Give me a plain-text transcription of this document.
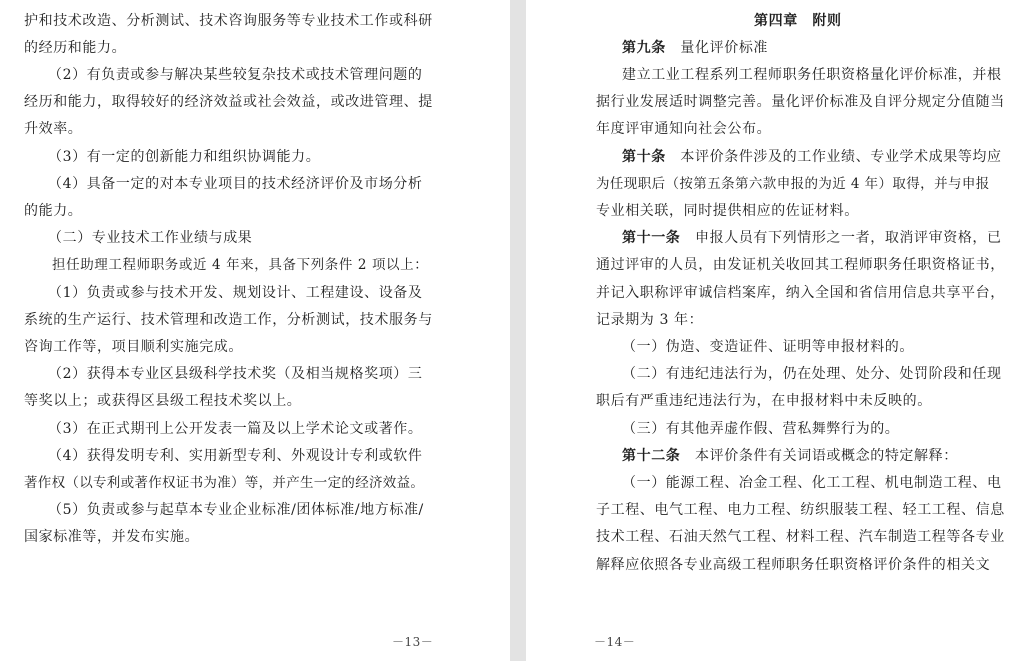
护和技术改造、分析测试、技术咨询服务等专业技术工作或科研
的经历和能力。
（2）有负责或参与解决某些较复杂技术或技术管理问题的
经历和能力，取得较好的经济效益或社会效益，或改进管理、提
升效率。
（3）有一定的创新能力和组织协调能力。
（4）具备一定的对本专业项目的技术经济评价及市场分析
的能力。
（二）专业技术工作业绩与成果
担任助理工程师职务或近 4 年来，具备下列条件 2 项以上：
（1）负责或参与技术开发、规划设计、工程建设、设备及
系统的生产运行、技术管理和改造工作，分析测试，技术服务与
咨询工作等，项目顺利实施完成。
（2）获得本专业区县级科学技术奖（及相当规格奖项）三
等奖以上；或获得区县级工程技术奖以上。
（3）在正式期刊上公开发表一篇及以上学术论文或著作。
（4）获得发明专利、实用新型专利、外观设计专利或软件
著作权（以专利或著作权证书为准）等，并产生一定的经济效益。
（5）负责或参与起草本专业企业标准/团体标准/地方标准/
国家标准等，并发布实施。
－13－
第四章　附则
第九条　 量化评价标准
建立工业工程系列工程师职务任职资格量化评价标准，并根
据行业发展适时调整完善。量化评价标准及自评分规定分值随当
年度评审通知向社会公布。
第十条　 本评价条件涉及的工作业绩、专业学术成果等均应
为任现职后（按第五条第六款申报的为近 4 年）取得，并与申报
专业相关联，同时提供相应的佐证材料。
第十一条　 申报人员有下列情形之一者，取消评审资格，已
通过评审的人员，由发证机关收回其工程师职务任职资格证书，
并记入职称评审诚信档案库，纳入全国和省信用信息共享平台，
记录期为 3 年：
（一）伪造、变造证件、证明等申报材料的。
（二）有违纪违法行为，仍在处理、处分、处罚阶段和任现
职后有严重违纪违法行为，在申报材料中未反映的。
（三）有其他弄虚作假、营私舞弊行为的。
第十二条　 本评价条件有关词语或概念的特定解释：
（一）能源工程、冶金工程、化工工程、机电制造工程、电
子工程、电气工程、电力工程、纺织服装工程、轻工工程、信息
技术工程、石油天然气工程、材料工程、汽车制造工程等各专业
解释应依照各专业高级工程师职务任职资格评价条件的相关文
－14－
